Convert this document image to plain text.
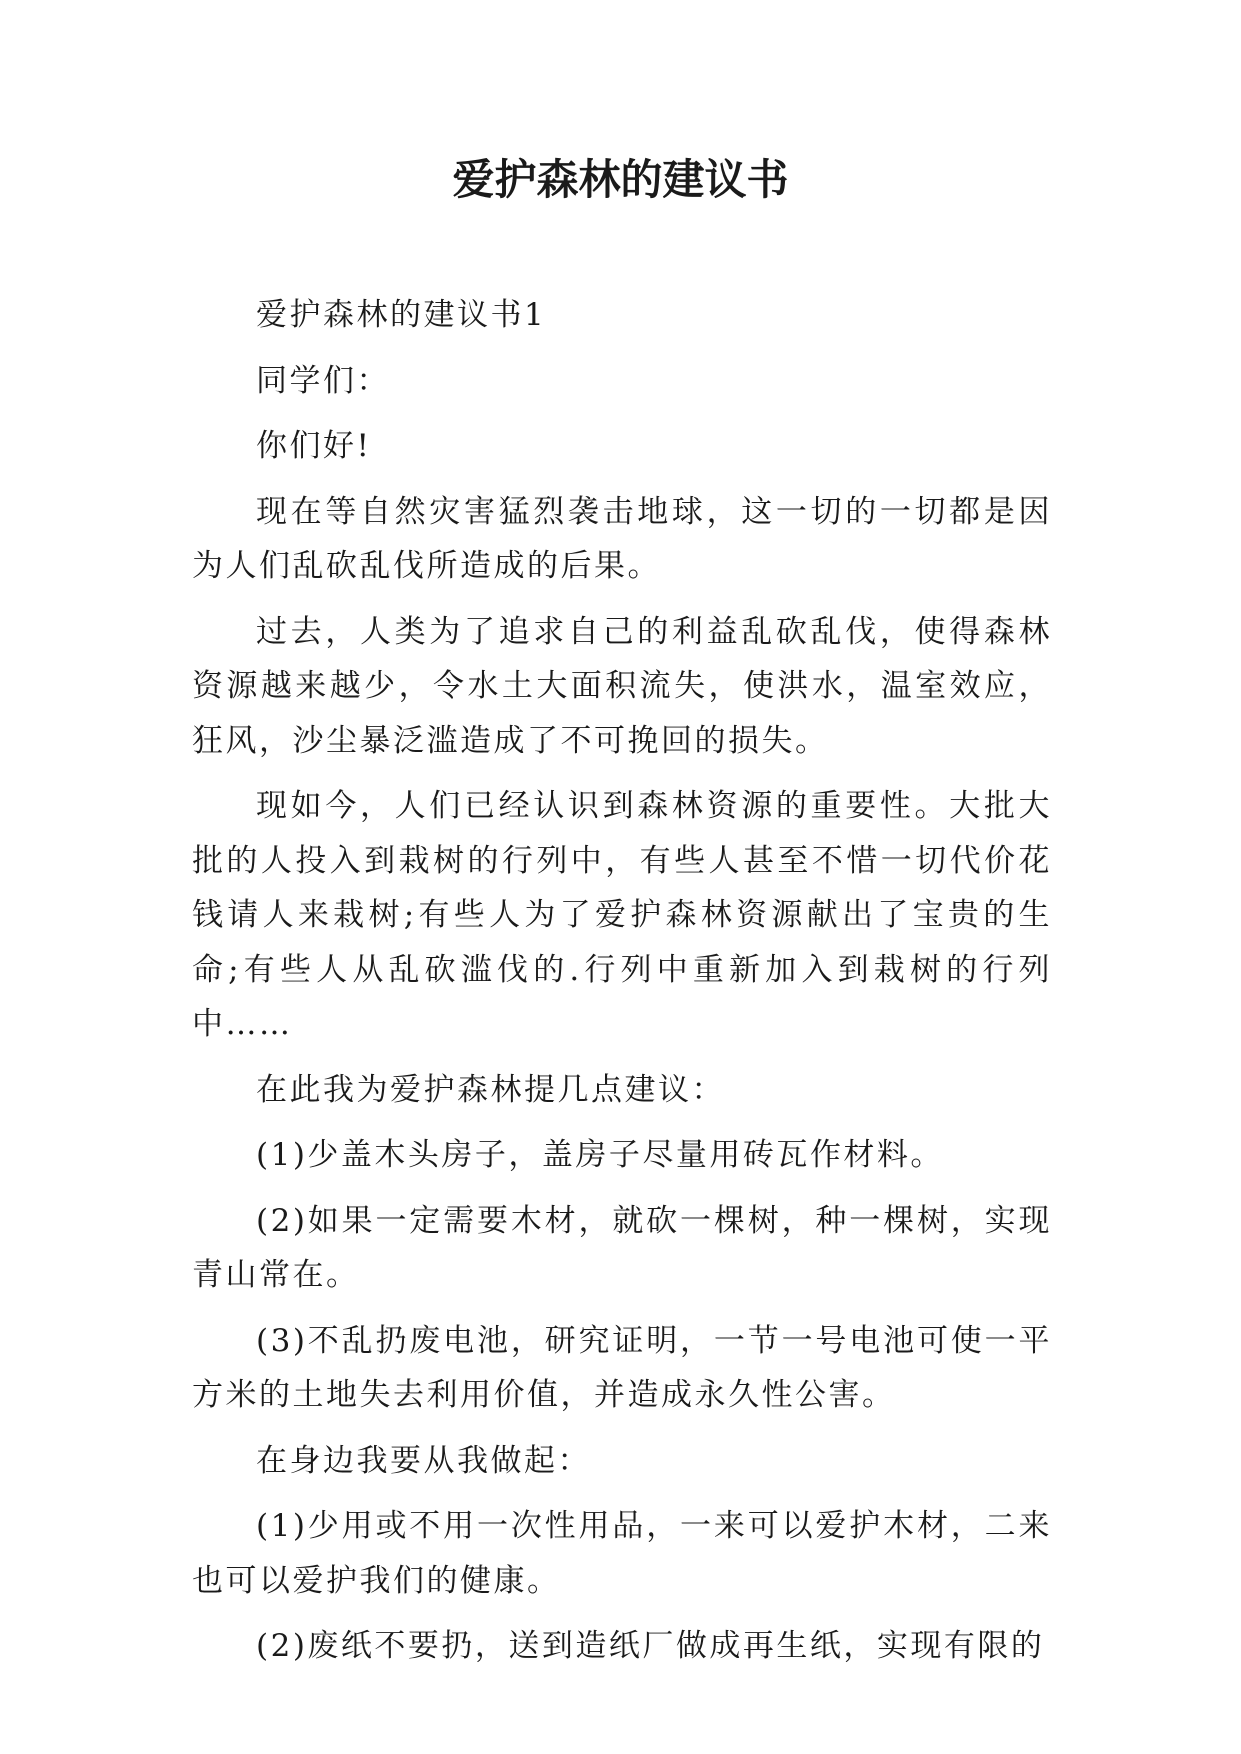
爱护森林的建议书

爱护森林的建议书1

同学们：

你们好!

现在等自然灾害猛烈袭击地球，这一切的一切都是因为人们乱砍乱伐所造成的后果。

过去，人类为了追求自己的利益乱砍乱伐，使得森林资源越来越少，令水土大面积流失，使洪水，温室效应，狂风，沙尘暴泛滥造成了不可挽回的损失。

现如今，人们已经认识到森林资源的重要性。大批大批的人投入到栽树的行列中，有些人甚至不惜一切代价花钱请人来栽树;有些人为了爱护森林资源献出了宝贵的生命;有些人从乱砍滥伐的.行列中重新加入到栽树的行列中……

在此我为爱护森林提几点建议：

(1)少盖木头房子，盖房子尽量用砖瓦作材料。

(2)如果一定需要木材，就砍一棵树，种一棵树，实现青山常在。

(3)不乱扔废电池，研究证明，一节一号电池可使一平方米的土地失去利用价值，并造成永久性公害。

在身边我要从我做起：

(1)少用或不用一次性用品，一来可以爱护木材，二来也可以爱护我们的健康。

(2)废纸不要扔，送到造纸厂做成再生纸，实现有限的
